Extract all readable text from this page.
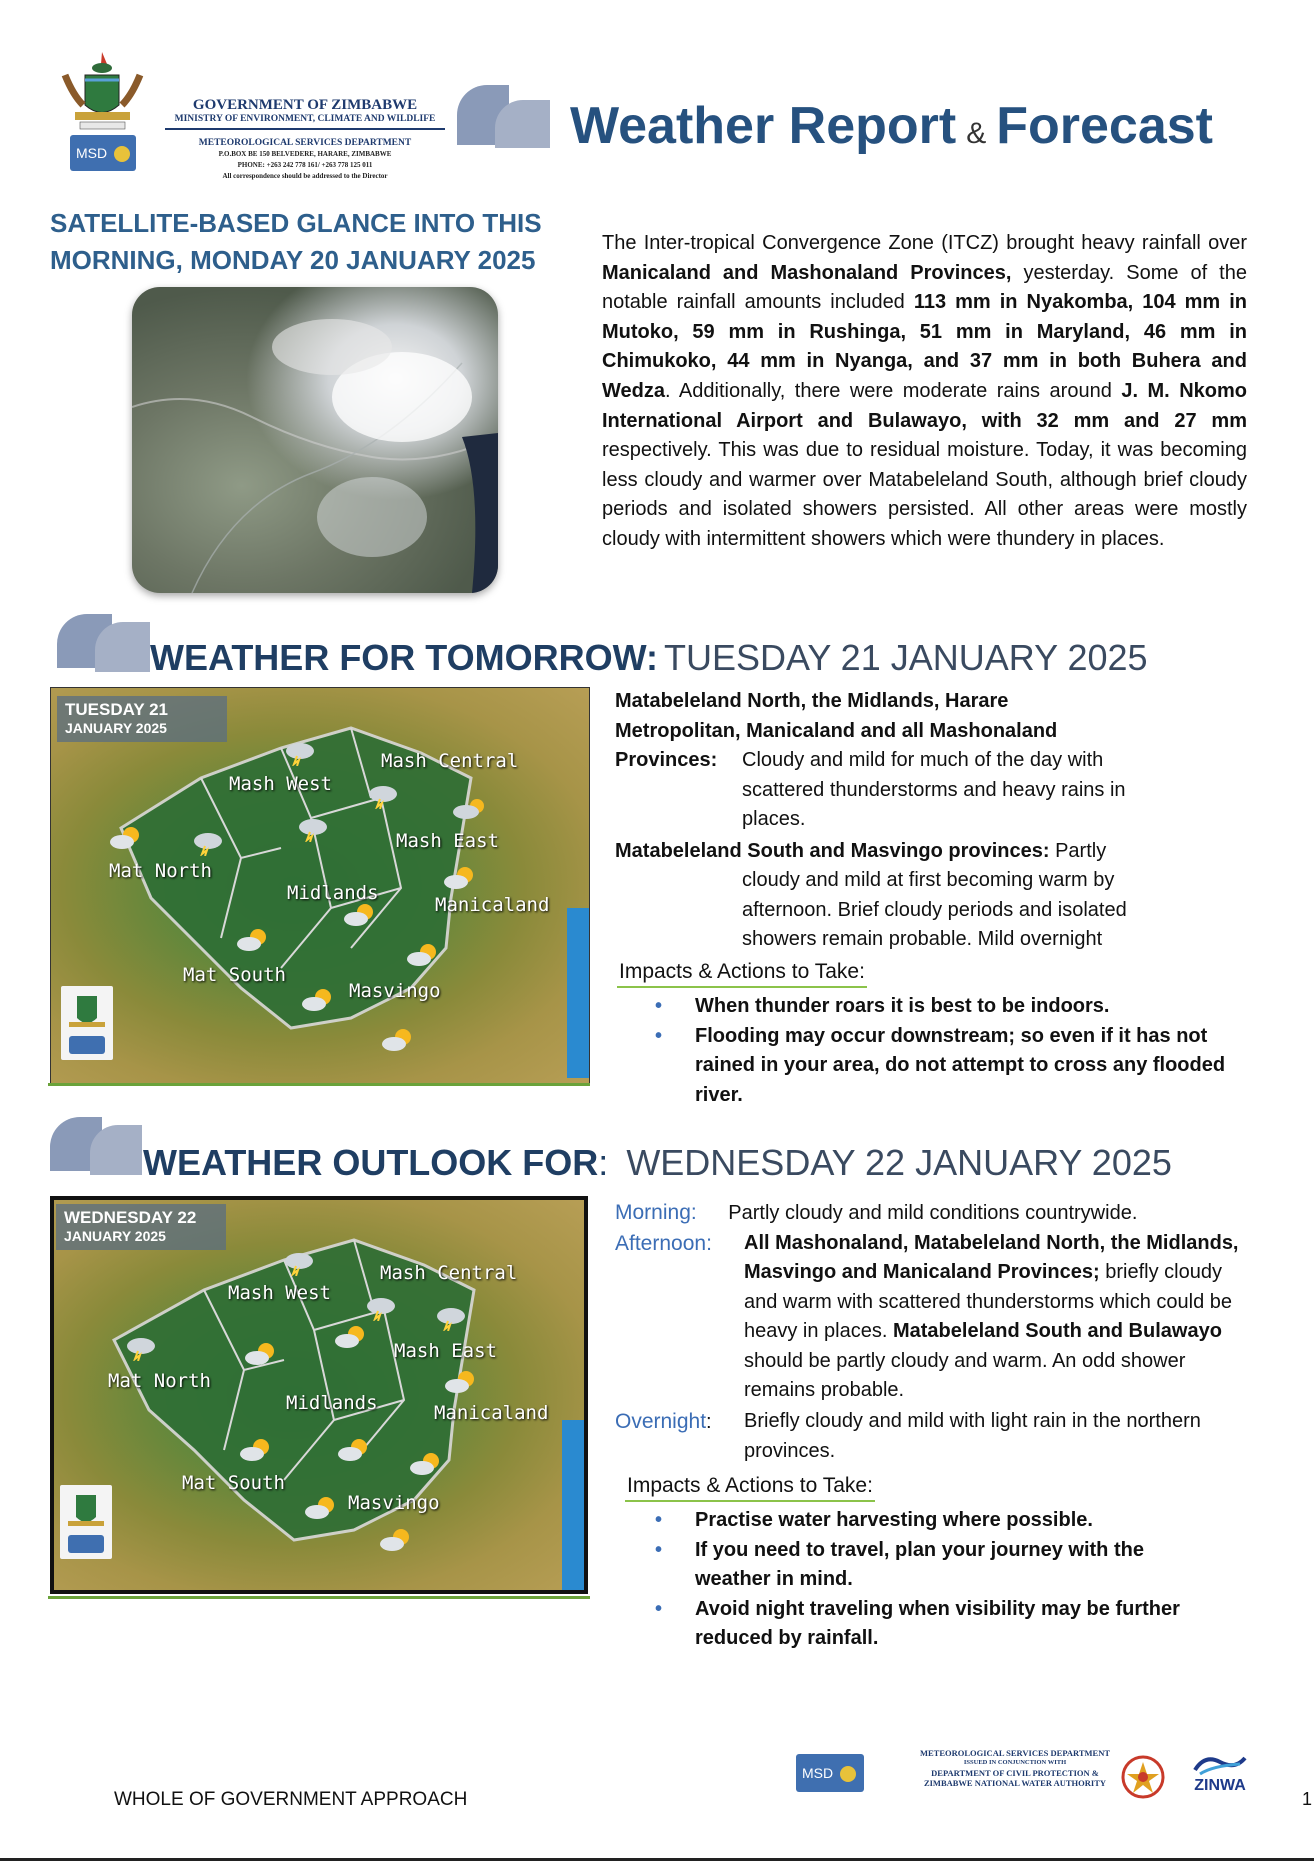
GOVERNMENT OF ZIMBABWE
MINISTRY OF ENVIRONMENT, CLIMATE AND WILDLIFE
MSD
METEOROLOGICAL SERVICES DEPARTMENT
P.O.BOX BE 150 BELVEDERE, HARARE, ZIMBABWE
PHONE: +263 242 778 161/ +263 778 125 011
All correspondence should be addressed to the Director
Weather Report & Forecast
SATELLITE-BASED GLANCE INTO THIS
MORNING, MONDAY 20 JANUARY 2025
The Inter-tropical Convergence Zone (ITCZ) brought heavy rainfall over Manicaland and Mashonaland Provinces, yesterday. Some of the notable rainfall amounts included 113 mm in Nyakomba, 104 mm in Mutoko, 59 mm in Rushinga, 51 mm in Maryland, 46 mm in Chimukoko, 44 mm in Nyanga, and 37 mm in both Buhera and Wedza. Additionally, there were moderate rains around J. M. Nkomo International Airport and Bulawayo, with 32 mm and 27 mm respectively. This was due to residual moisture. Today, it was becoming less cloudy and warmer over Matabeleland South, although brief cloudy periods and isolated showers persisted. All other areas were mostly cloudy with intermittent showers which were thundery in places.
WEATHER FOR TOMORROW: TUESDAY 21 JANUARY 2025
TUESDAY 21
JANUARY 2025
Mash West
Mash Central
Mash East
Mat North
Midlands
Manicaland
Mat South
Masvingo
Matabeleland North, the Midlands, Harare Metropolitan, Manicaland and all Mashonaland Provinces:	Cloudy and mild for much of the day with scattered thunderstorms and heavy rains in places.
Matabeleland South and Masvingo provinces: Partly
cloudy and mild at first becoming warm by afternoon. Brief cloudy periods and isolated showers remain probable. Mild overnight
Impacts & Actions to Take:
• When thunder roars it is best to be indoors.
• Flooding may occur downstream; so even if it has not rained in your area, do not attempt to cross any flooded river.
WEATHER OUTLOOK FOR: WEDNESDAY 22 JANUARY 2025
WEDNESDAY 22
JANUARY 2025
Mash West
Mash Central
Mash East
Mat North
Midlands	Manicaland
Mat South
Masvingo
Morning: Partly cloudy and mild conditions countrywide.
Afternoon: All Mashonaland, Matabeleland North, the Midlands, Masvingo and Manicaland Provinces; briefly cloudy and warm with scattered thunderstorms which could be heavy in places. Matabeleland South and Bulawayo should be partly cloudy and warm. An odd shower remains probable.
Overnight: Briefly cloudy and mild with light rain in the northern provinces.
Impacts & Actions to Take:
• Practise water harvesting where possible.
• If you need to travel, plan your journey with the weather in mind.
• Avoid night traveling when visibility may be further reduced by rainfall.
MSD
METEOROLOGICAL SERVICES DEPARTMENT
ISSUED IN CONJUNCTION WITH
DEPARTMENT OF CIVIL PROTECTION &
ZIMBABWE NATIONAL WATER AUTHORITY	ZINWA
WHOLE OF GOVERNMENT APPROACH	1
